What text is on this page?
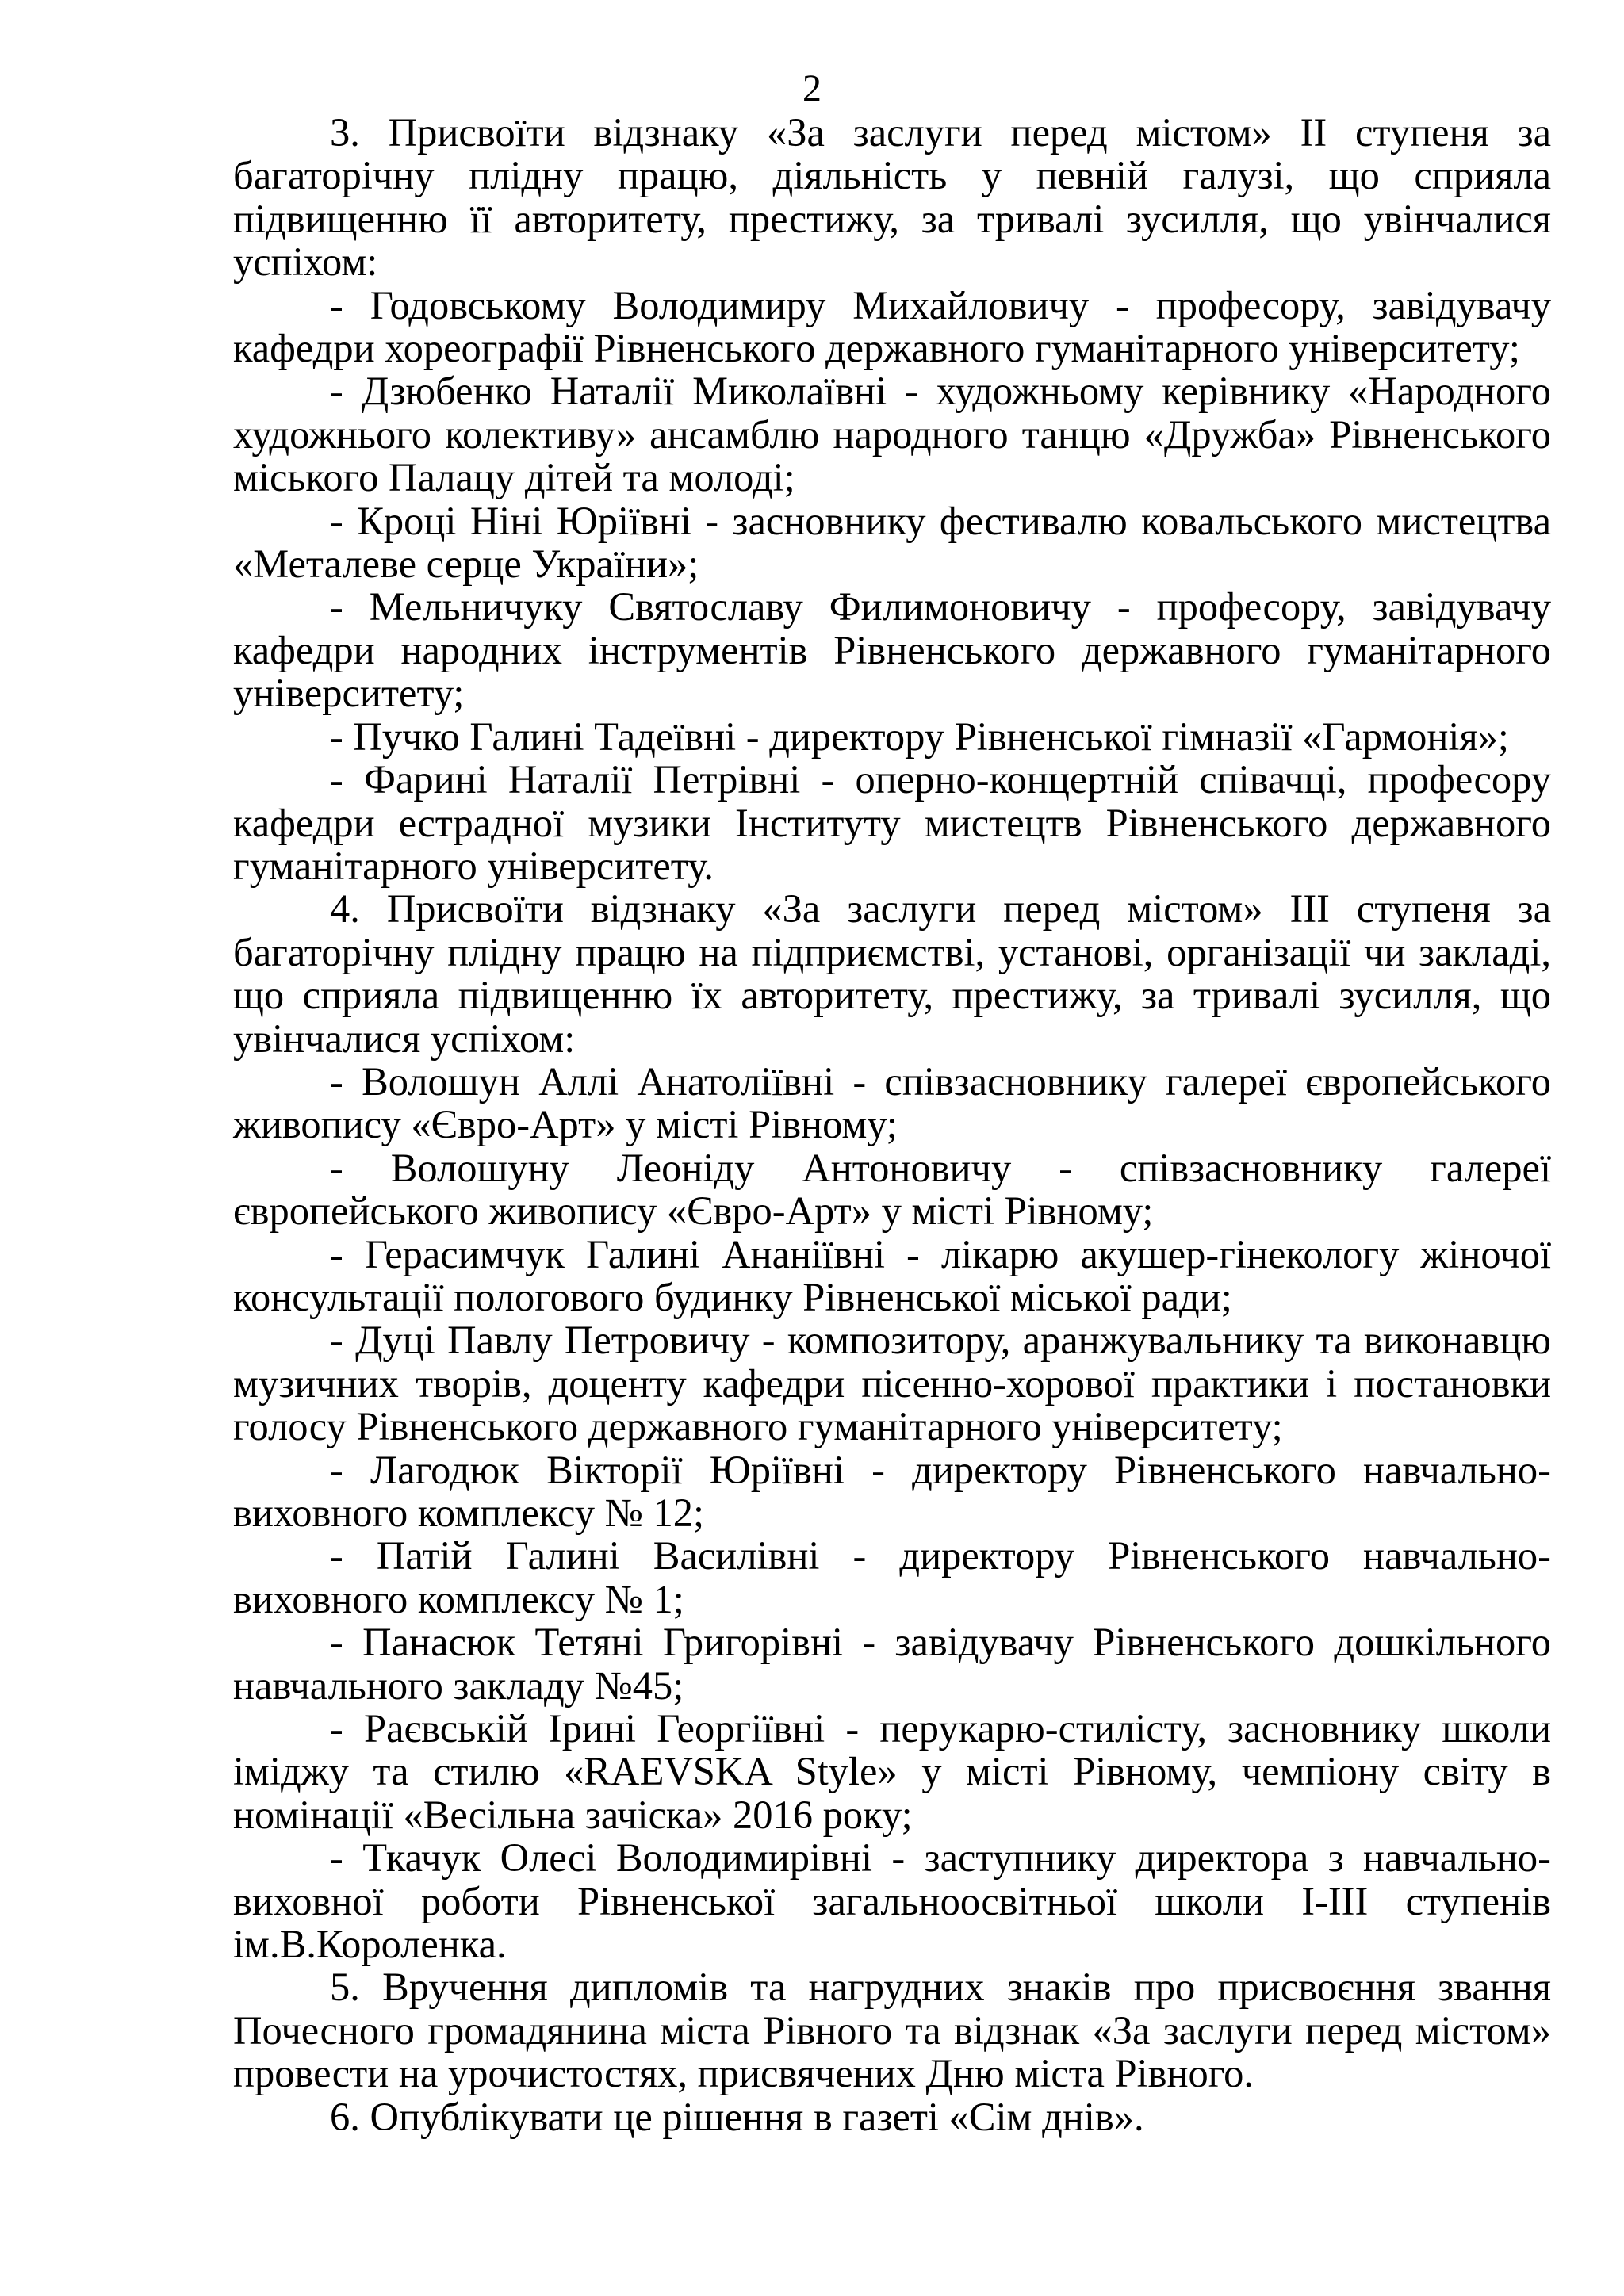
2

3. Присвоїти відзнаку «За заслуги перед містом» ІІ ступеня за багаторічну плідну працю, діяльність у певній галузі, що сприяла підвищенню її авторитету, престижу, за тривалі зусилля, що увінчалися успіхом:

- Годовському Володимиру Михайловичу - професору, завідувачу кафедри хореографії Рівненського державного гуманітарного університету;

- Дзюбенко Наталії Миколаївні - художньому керівнику «Народного художнього колективу» ансамблю народного танцю «Дружба» Рівненського міського Палацу дітей та молоді;

- Кроці Ніні Юріївні - засновнику фестивалю ковальського мистецтва «Металеве серце України»;

- Мельничуку Святославу Филимоновичу - професору, завідувачу кафедри народних інструментів Рівненського державного гуманітарного університету;

- Пучко Галині Тадеївні - директору Рівненської гімназії «Гармонія»;

- Фарині Наталії Петрівні - оперно-концертній співачці, професору кафедри естрадної музики Інституту мистецтв Рівненського державного гуманітарного університету.

4. Присвоїти відзнаку «За заслуги перед містом» ІІІ ступеня за багаторічну плідну працю на підприємстві, установі, організації чи закладі, що сприяла підвищенню їх авторитету, престижу, за тривалі зусилля, що увінчалися успіхом:

- Волошун Аллі Анатоліївні - співзасновнику галереї європейського живопису «Євро-Арт» у місті Рівному;

- Волошуну Леоніду Антоновичу - співзасновнику галереї європейського живопису «Євро-Арт» у місті Рівному;

- Герасимчук Галині Ананіївні - лікарю акушер-гінекологу жіночої консультації пологового будинку Рівненської міської ради;

- Дуці Павлу Петровичу - композитору, аранжувальнику та виконавцю музичних творів, доценту кафедри пісенно-хорової практики і постановки голосу Рівненського державного гуманітарного університету;

- Лагодюк Вікторії Юріївні - директору Рівненського навчально-виховного комплексу № 12;

- Патій Галині Василівні - директору Рівненського навчально-виховного комплексу № 1;

- Панасюк Тетяні Григорівні - завідувачу Рівненського дошкільного навчального закладу №45;

- Раєвській Ірині Георгіївні - перукарю-стилісту, засновнику школи іміджу та стилю «RAEVSKA Style» у місті Рівному, чемпіону світу в номінації «Весільна зачіска» 2016 року;

- Ткачук Олесі Володимирівні - заступнику директора з навчально-виховної роботи Рівненської загальноосвітньої школи І-ІІІ ступенів ім.В.Короленка.

5. Вручення дипломів та нагрудних знаків про присвоєння звання Почесного громадянина міста Рівного та відзнак «За заслуги перед містом» провести на урочистостях, присвячених Дню міста Рівного.

6. Опублікувати це рішення в газеті «Сім днів».
